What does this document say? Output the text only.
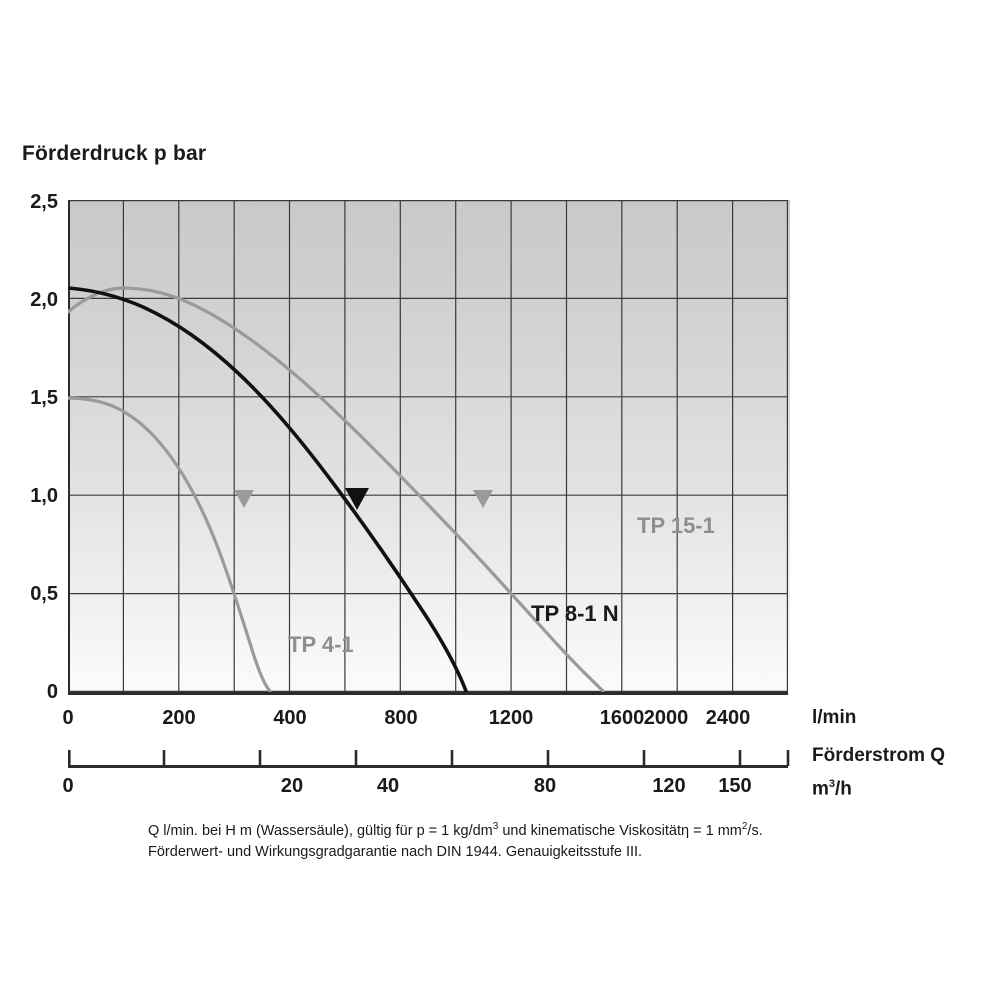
Förderdruck p bar
2,5
2,0
1,5
1,0
0,5
0
TP 4-1
TP 8-1 N
TP 15-1
0	200	400	800	1200	1600 2000 2400	l/min
Förderstrom Q
$m^3/h$
0	20	40	80	120	150
Q l/min. bei H m (Wassersäule), gültig für p = 1 $kg/dm^3$ und kinematische Viskositätη = 1 $mm^2/s$.
Förderwert- und Wirkungsgradgarantie nach DIN 1944. Genauigkeitsstufe III.
